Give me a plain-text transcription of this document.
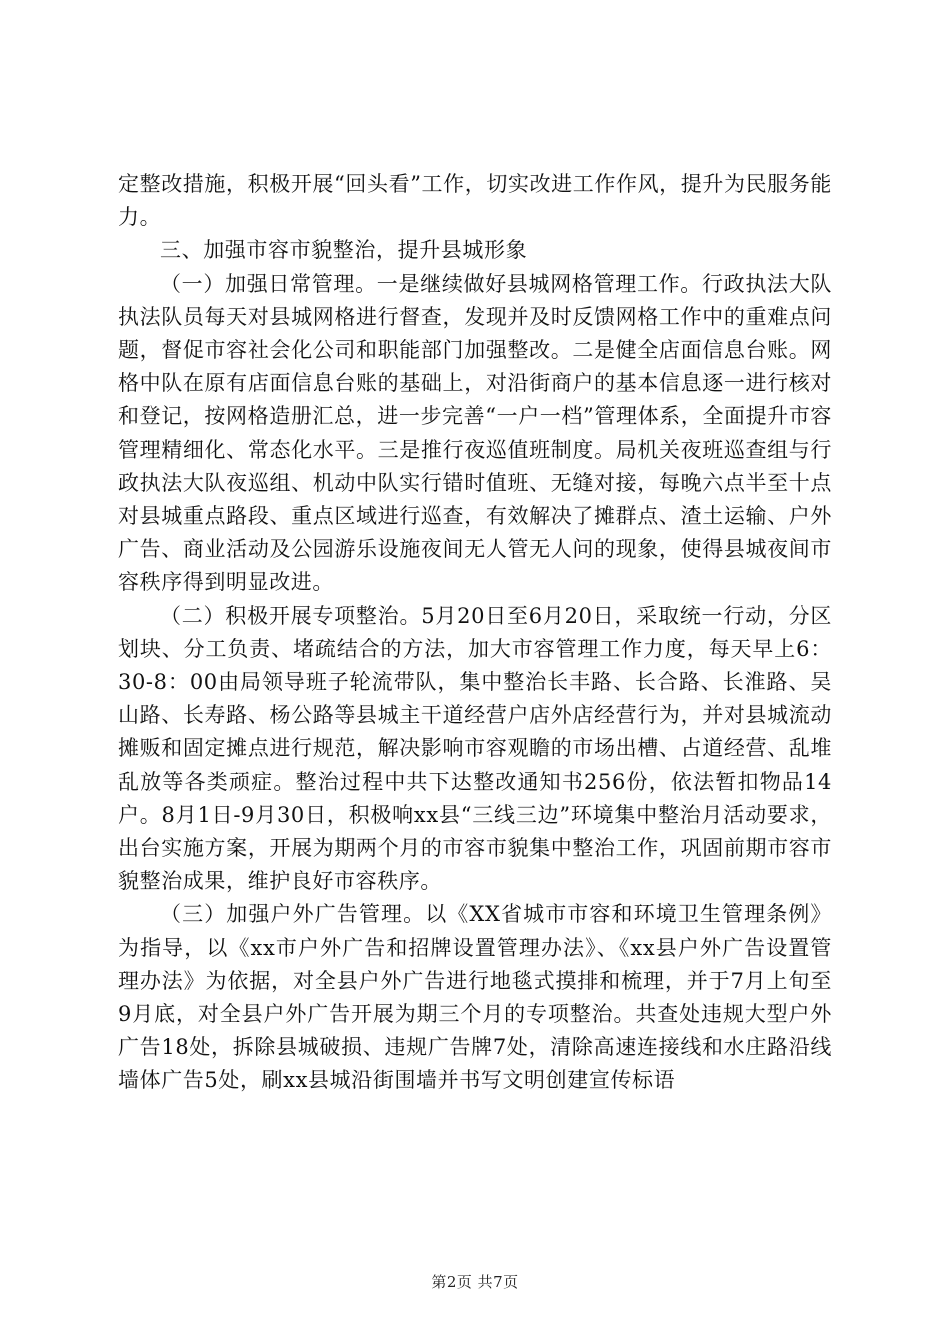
定整改措施，积极开展“回头看”工作，切实改进工作作风，提升为民服务能力。

三、加强市容市貌整治，提升县城形象

（一）加强日常管理。一是继续做好县城网格管理工作。行政执法大队执法队员每天对县城网格进行督查，发现并及时反馈网格工作中的重难点问题，督促市容社会化公司和职能部门加强整改。二是健全店面信息台账。网格中队在原有店面信息台账的基础上，对沿街商户的基本信息逐一进行核对和登记，按网格造册汇总，进一步完善“一户一档”管理体系，全面提升市容管理精细化、常态化水平。三是推行夜巡值班制度。局机关夜班巡查组与行政执法大队夜巡组、机动中队实行错时值班、无缝对接，每晚六点半至十点对县城重点路段、重点区域进行巡查，有效解决了摊群点、渣土运输、户外广告、商业活动及公园游乐设施夜间无人管无人问的现象，使得县城夜间市容秩序得到明显改进。

（二）积极开展专项整治。5月20日至6月20日，采取统一行动，分区划块、分工负责、堵疏结合的方法，加大市容管理工作力度，每天早上6：30-8：00由局领导班子轮流带队，集中整治长丰路、长合路、长淮路、吴山路、长寿路、杨公路等县城主干道经营户店外店经营行为，并对县城流动摊贩和固定摊点进行规范，解决影响市容观瞻的市场出槽、占道经营、乱堆乱放等各类顽症。整治过程中共下达整改通知书256份，依法暂扣物品14户。8月1日-9月30日，积极响xx县“三线三边”环境集中整治月活动要求，出台实施方案，开展为期两个月的市容市貌集中整治工作，巩固前期市容市貌整治成果，维护良好市容秩序。

（三）加强户外广告管理。以《XX省城市市容和环境卫生管理条例》为指导，以《xx市户外广告和招牌设置管理办法》、《xx县户外广告设置管理办法》为依据，对全县户外广告进行地毯式摸排和梳理，并于7月上旬至9月底，对全县户外广告开展为期三个月的专项整治。共查处违规大型户外广告18处，拆除县城破损、违规广告牌7处，清除高速连接线和水庄路沿线墙体广告5处，刷xx县城沿街围墙并书写文明创建宣传标语

第2页 共7页
